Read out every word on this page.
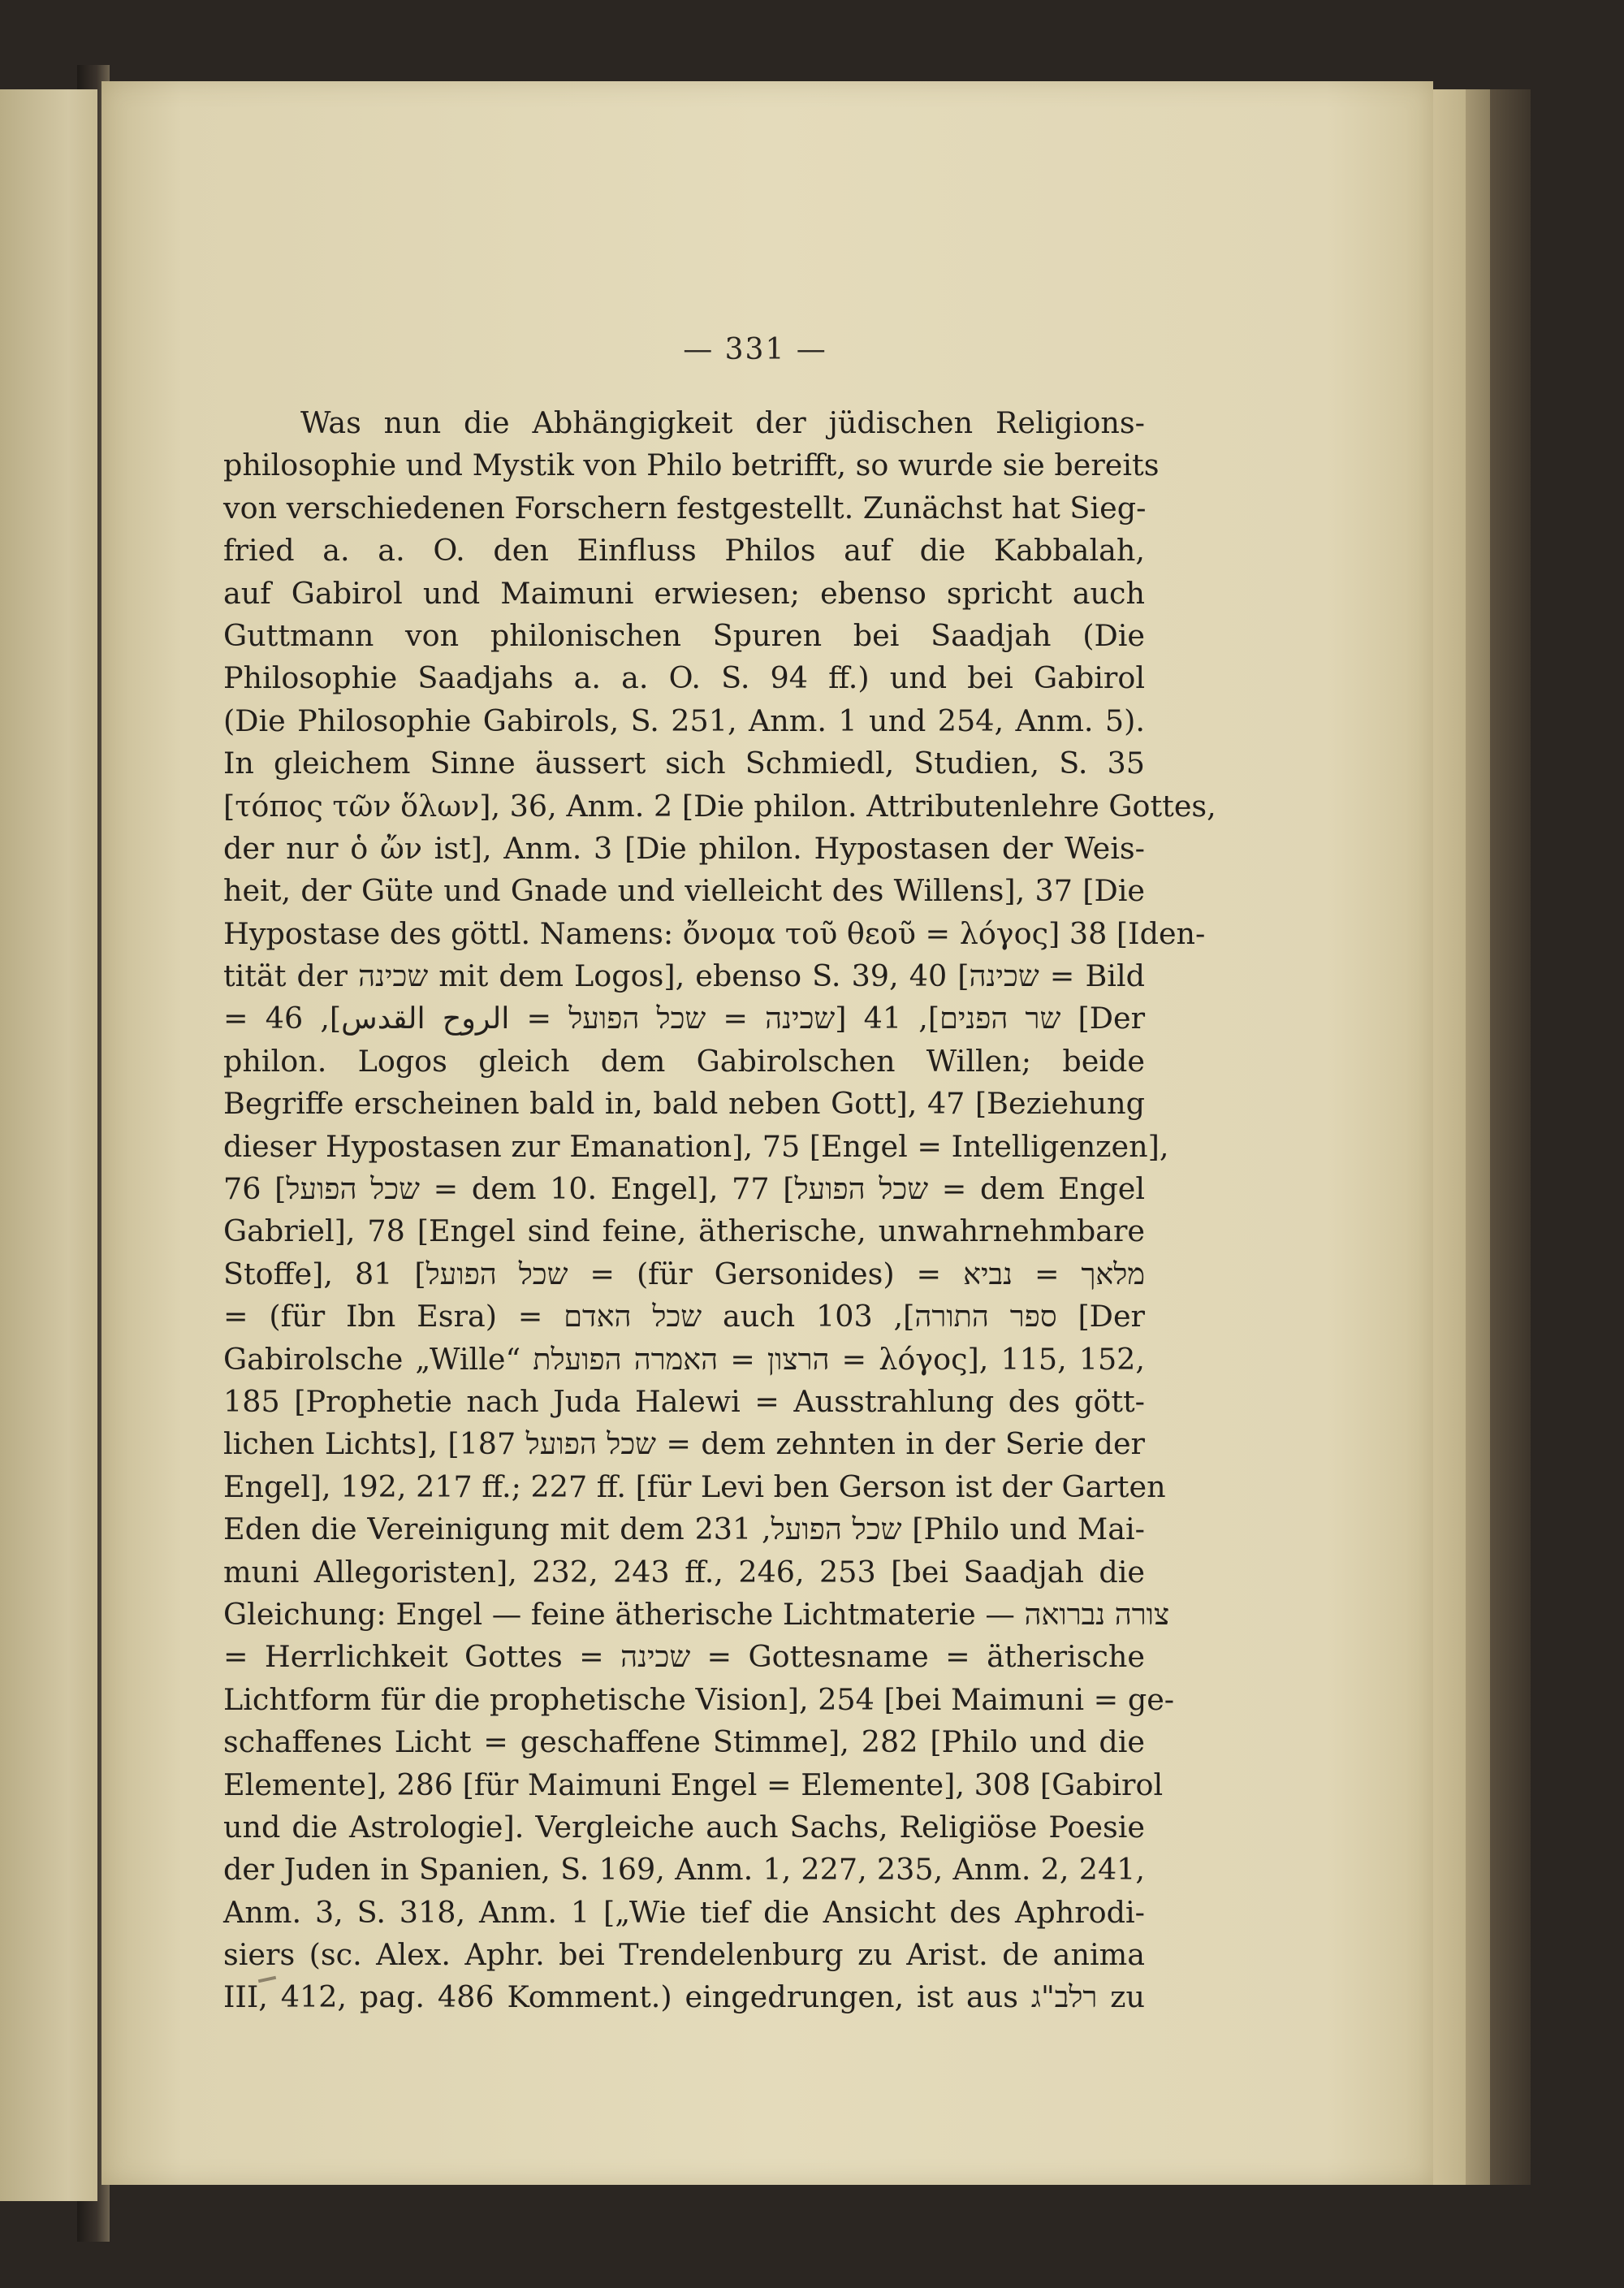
— 331 —
Was nun die Abhängigkeit der jüdischen Religions-
philosophie und Mystik von Philo betrifft, so wurde sie bereits
von verschiedenen Forschern festgestellt. Zunächst hat Sieg-
fried a. a. O. den Einfluss Philos auf die Kabbalah,
auf Gabirol und Maimuni erwiesen; ebenso spricht auch
Guttmann von philonischen Spuren bei Saadjah (Die
Philosophie Saadjahs a. a. O. S. 94 ff.) und bei Gabirol
(Die Philosophie Gabirols, S. 251, Anm. 1 und 254, Anm. 5).
In gleichem Sinne äussert sich Schmiedl, Studien, S. 35
[τόπος τῶν ὅλων], 36, Anm. 2 [Die philon. Attributenlehre Gottes,
der nur ὁ ὤν ist], Anm. 3 [Die philon. Hypostasen der Weis-
heit, der Güte und Gnade und vielleicht des Willens], 37 [Die
Hypostase des göttl. Namens: ὄνομα τοῦ θεοῦ = λόγος] 38 [Iden-
tität der שכינה mit dem Logos], ebenso S. 39, 40 [שכינה = Bild
= שר הפנים], 41 [שכינה = שכל הפועל = الروح القدس], 46 [Der
philon. Logos gleich dem Gabirolschen Willen; beide
Begriffe erscheinen bald in, bald neben Gott], 47 [Beziehung
dieser Hypostasen zur Emanation], 75 [Engel = Intelligenzen],
76 [שכל הפועל = dem 10. Engel], 77 [שכל הפועל = dem Engel
Gabriel], 78 [Engel sind feine, ätherische, unwahrnehmbare
Stoffe], 81 [שכל הפועל = (für Gersonides) = מלאך = נביא
= (für Ibn Esra) = שכל האדם auch ספר התורה], 103 [Der
Gabirolsche „Wille“ הרצון = האמרה הפועלת = λόγος], 115, 152,
185 [Prophetie nach Juda Halewi = Ausstrahlung des gött-
lichen Lichts], [187 שכל הפועל = dem zehnten in der Serie der
Engel], 192, 217 ff.; 227 ff. [für Levi ben Gerson ist der Garten
Eden die Vereinigung mit dem שכל הפועל, 231 [Philo und Mai-
muni Allegoristen], 232, 243 ff., 246, 253 [bei Saadjah die
Gleichung: Engel — feine ätherische Lichtmaterie — צורה נברואה
= Herrlichkeit Gottes = שכינה = Gottesname = ätherische
Lichtform für die prophetische Vision], 254 [bei Maimuni = ge-
schaffenes Licht = geschaffene Stimme], 282 [Philo und die
Elemente], 286 [für Maimuni Engel = Elemente], 308 [Gabirol
und die Astrologie]. Vergleiche auch Sachs, Religiöse Poesie
der Juden in Spanien, S. 169, Anm. 1, 227, 235, Anm. 2, 241,
Anm. 3, S. 318, Anm. 1 [„Wie tief die Ansicht des Aphrodi-
siers (sc. Alex. Aphr. bei Trendelenburg zu Arist. de anima
III, 412, pag. 486 Komment.) eingedrungen, ist aus רלב"ג zu
